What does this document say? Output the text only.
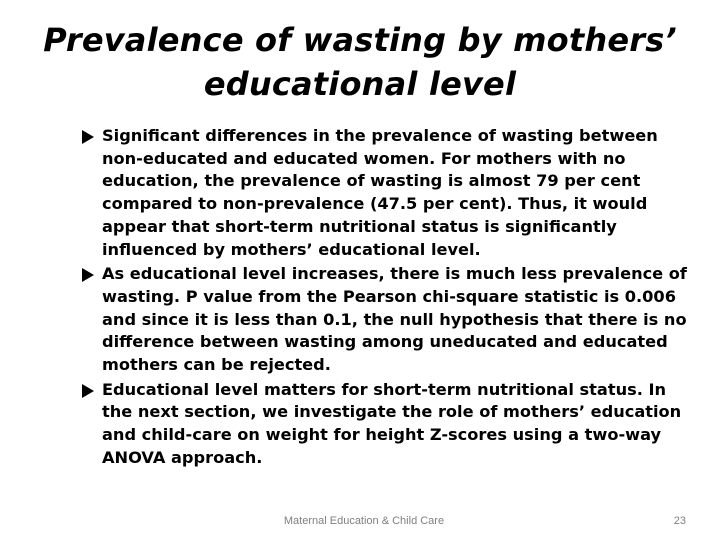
Prevalence of wasting by mothers’
educational level
Significant differences in the prevalence of wasting between non-educated and educated women. For mothers with no education, the prevalence of wasting is almost 79 per cent compared to non-prevalence (47.5 per cent). Thus, it would appear that short-term nutritional status is significantly influenced by mothers’ educational level.
As educational level increases, there is much less prevalence of wasting. P value from the Pearson chi-square statistic is 0.006 and since it is less than 0.1, the null hypothesis that there is no difference between wasting among uneducated and educated mothers can be rejected.
Educational level matters for short-term nutritional status. In the next section, we investigate the role of mothers’ education and child-care on weight for height Z-scores using a two-way ANOVA approach.
Maternal Education & Child Care	23
